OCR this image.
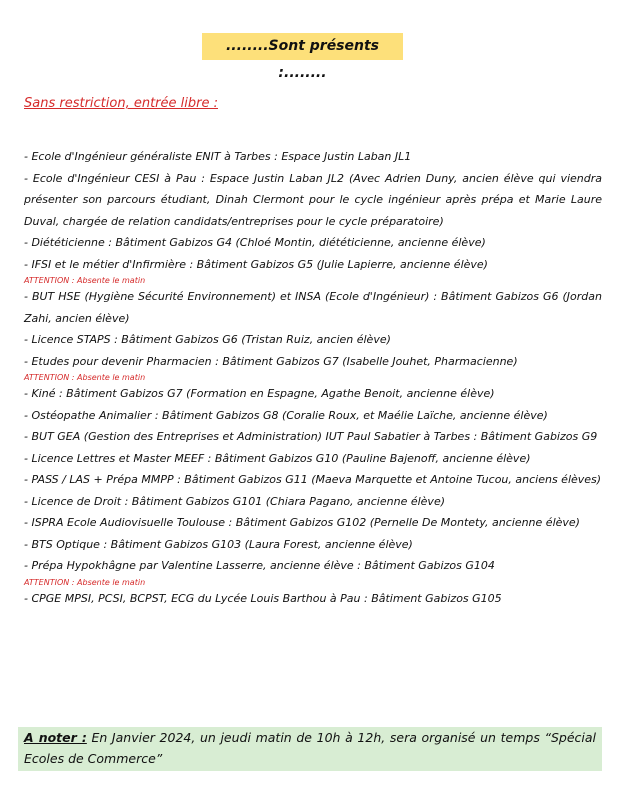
........Sont présents :........
Sans restriction, entrée libre :

- Ecole d'Ingénieur généraliste ENIT à Tarbes : Espace Justin Laban JL1

- Ecole d'Ingénieur CESI à Pau : Espace Justin Laban JL2 (Avec Adrien Duny, ancien élève qui viendra présenter son parcours étudiant, Dinah Clermont pour le cycle ingénieur après prépa et Marie Laure Duval, chargée de relation candidats/entreprises pour le cycle préparatoire)

- Diététicienne : Bâtiment Gabizos G4 (Chloé Montin, diététicienne, ancienne élève)

- IFSI et le métier d'Infirmière : Bâtiment Gabizos G5 (Julie Lapierre, ancienne élève)

ATTENTION : Absente le matin

- BUT HSE (Hygiène Sécurité Environnement) et INSA (Ecole d'Ingénieur) : Bâtiment Gabizos G6 (Jordan Zahi, ancien élève)

- Licence STAPS : Bâtiment Gabizos G6 (Tristan Ruiz, ancien élève)

- Etudes pour devenir Pharmacien : Bâtiment Gabizos G7 (Isabelle Jouhet, Pharmacienne)

ATTENTION : Absente le matin

- Kiné : Bâtiment Gabizos G7 (Formation en Espagne, Agathe Benoit, ancienne élève)

- Ostéopathe Animalier : Bâtiment Gabizos G8 (Coralie Roux, et Maélie Laïche, ancienne élève)

- BUT GEA (Gestion des Entreprises et Administration) IUT Paul Sabatier à Tarbes : Bâtiment Gabizos G9

- Licence Lettres et Master MEEF : Bâtiment Gabizos G10 (Pauline Bajenoff, ancienne élève)

- PASS / LAS + Prépa MMPP : Bâtiment Gabizos G11 (Maeva Marquette et Antoine Tucou, anciens élèves)

- Licence de Droit : Bâtiment Gabizos G101 (Chiara Pagano, ancienne élève)

- ISPRA Ecole Audiovisuelle Toulouse : Bâtiment Gabizos G102 (Pernelle De Montety, ancienne élève)

- BTS Optique : Bâtiment Gabizos G103 (Laura Forest, ancienne élève)

- Prépa Hypokhâgne par Valentine Lasserre, ancienne élève : Bâtiment Gabizos G104

ATTENTION : Absente le matin

- CPGE MPSI, PCSI, BCPST, ECG du Lycée Louis Barthou à Pau : Bâtiment Gabizos G105

A noter : En Janvier 2024, un jeudi matin de 10h à 12h, sera organisé un temps “Spécial Ecoles de Commerce”
